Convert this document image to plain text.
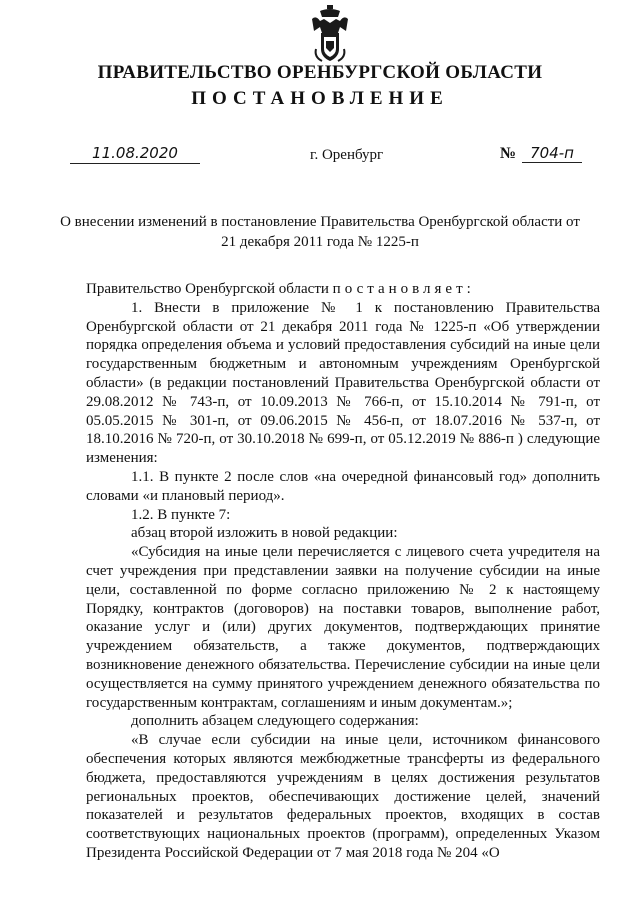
ПРАВИТЕЛЬСТВО ОРЕНБУРГСКОЙ ОБЛАСТИ
ПОСТАНОВЛЕНИЕ
11.08.2020	г. Оренбург	№ 704-п
О внесении изменений в постановление Правительства Оренбургской области от 21 декабря 2011 года № 1225-п

Правительство Оренбургской области постановляет:

1. Внести в приложение № 1 к постановлению Правительства Оренбургской области от 21 декабря 2011 года № 1225-п «Об утверждении порядка определения объема и условий предоставления субсидий на иные цели государственным бюджетным и автономным учреждениям Оренбургской области» (в редакции постановлений Правительства Оренбургской области от 29.08.2012 № 743-п, от 10.09.2013 № 766-п, от 15.10.2014 № 791-п, от 05.05.2015 № 301-п, от 09.06.2015 № 456-п, от 18.07.2016 № 537-п, от 18.10.2016 № 720-п, от 30.10.2018 № 699-п, от 05.12.2019 № 886-п ) следующие изменения:

1.1. В пункте 2 после слов «на очередной финансовый год» дополнить словами «и плановый период».

1.2. В пункте 7:

абзац второй изложить в новой редакции:

«Субсидия на иные цели перечисляется с лицевого счета учредителя на счет учреждения при представлении заявки на получение субсидии на иные цели, составленной по форме согласно приложению № 2 к настоящему Порядку, контрактов (договоров) на поставки товаров, выполнение работ, оказание услуг и (или) других документов, подтверждающих принятие учреждением обязательств, а также документов, подтверждающих возникновение денежного обязательства. Перечисление субсидии на иные цели осуществляется на сумму принятого учреждением денежного обязательства по государственным контрактам, соглашениям и иным документам.»;

дополнить абзацем следующего содержания:

«В случае если субсидии на иные цели, источником финансового обеспечения которых являются межбюджетные трансферты из федерального бюджета, предоставляются учреждениям в целях достижения результатов региональных проектов, обеспечивающих достижение целей, значений показателей и результатов федеральных проектов, входящих в состав соответствующих национальных проектов (программ), определенных Указом Президента Российской Федерации от 7 мая 2018 года № 204 «О
